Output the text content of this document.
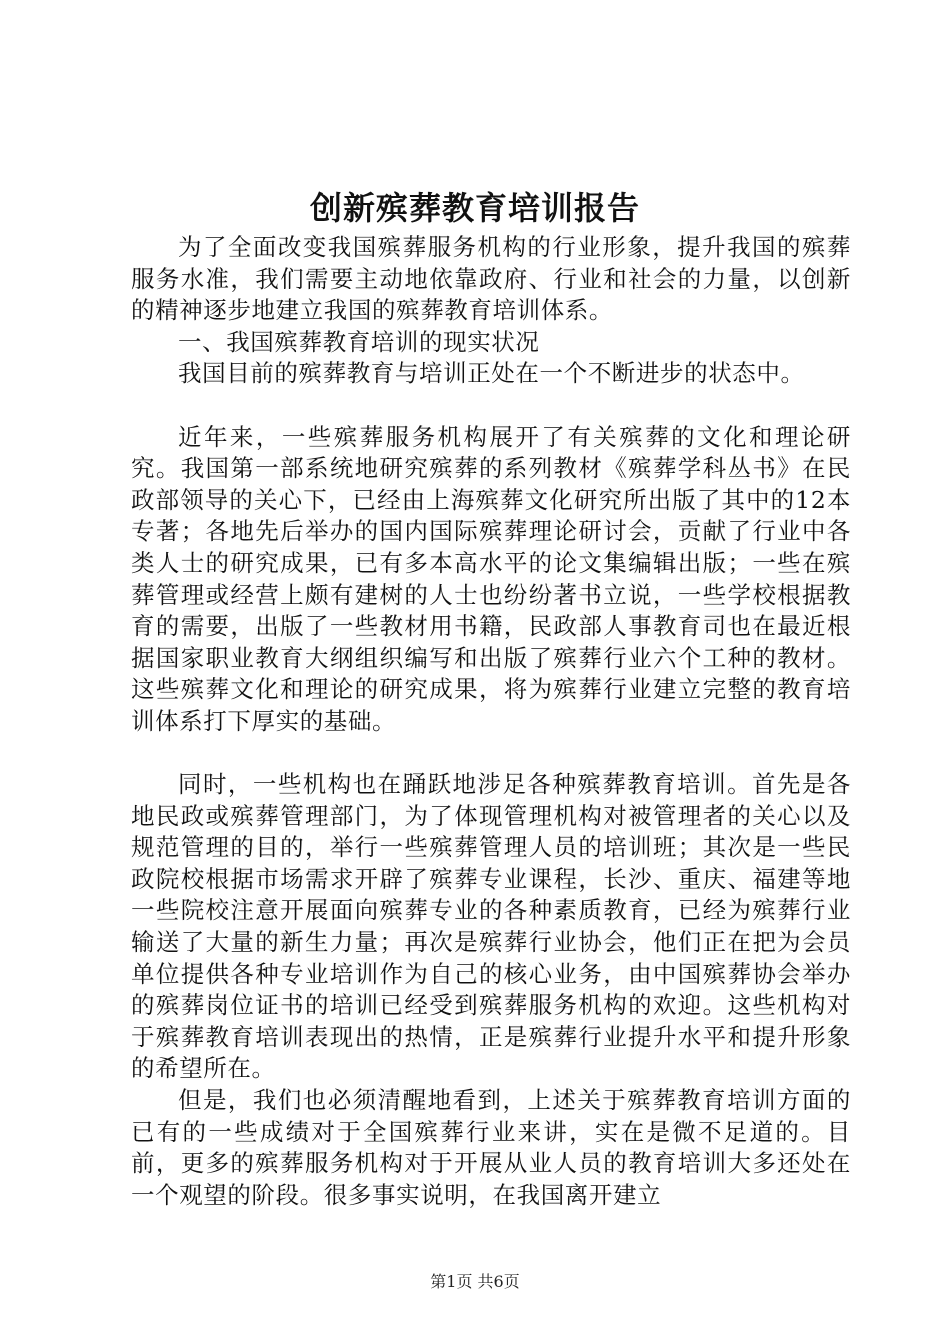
创新殡葬教育培训报告

为了全面改变我国殡葬服务机构的行业形象，提升我国的殡葬服务水准，我们需要主动地依靠政府、行业和社会的力量，以创新的精神逐步地建立我国的殡葬教育培训体系。

一、我国殡葬教育培训的现实状况

我国目前的殡葬教育与培训正处在一个不断进步的状态中。

近年来，一些殡葬服务机构展开了有关殡葬的文化和理论研究。我国第一部系统地研究殡葬的系列教材《殡葬学科丛书》在民政部领导的关心下，已经由上海殡葬文化研究所出版了其中的12本专著；各地先后举办的国内国际殡葬理论研讨会，贡献了行业中各类人士的研究成果，已有多本高水平的论文集编辑出版；一些在殡葬管理或经营上颇有建树的人士也纷纷著书立说，一些学校根据教育的需要，出版了一些教材用书籍，民政部人事教育司也在最近根据国家职业教育大纲组织编写和出版了殡葬行业六个工种的教材。这些殡葬文化和理论的研究成果，将为殡葬行业建立完整的教育培训体系打下厚实的基础。

同时，一些机构也在踊跃地涉足各种殡葬教育培训。首先是各地民政或殡葬管理部门，为了体现管理机构对被管理者的关心以及规范管理的目的，举行一些殡葬管理人员的培训班；其次是一些民政院校根据市场需求开辟了殡葬专业课程，长沙、重庆、福建等地一些院校注意开展面向殡葬专业的各种素质教育，已经为殡葬行业输送了大量的新生力量；再次是殡葬行业协会，他们正在把为会员单位提供各种专业培训作为自己的核心业务，由中国殡葬协会举办的殡葬岗位证书的培训已经受到殡葬服务机构的欢迎。这些机构对于殡葬教育培训表现出的热情，正是殡葬行业提升水平和提升形象的希望所在。

但是，我们也必须清醒地看到，上述关于殡葬教育培训方面的已有的一些成绩对于全国殡葬行业来讲，实在是微不足道的。目前，更多的殡葬服务机构对于开展从业人员的教育培训大多还处在一个观望的阶段。很多事实说明，在我国离开建立

第1页 共6页
